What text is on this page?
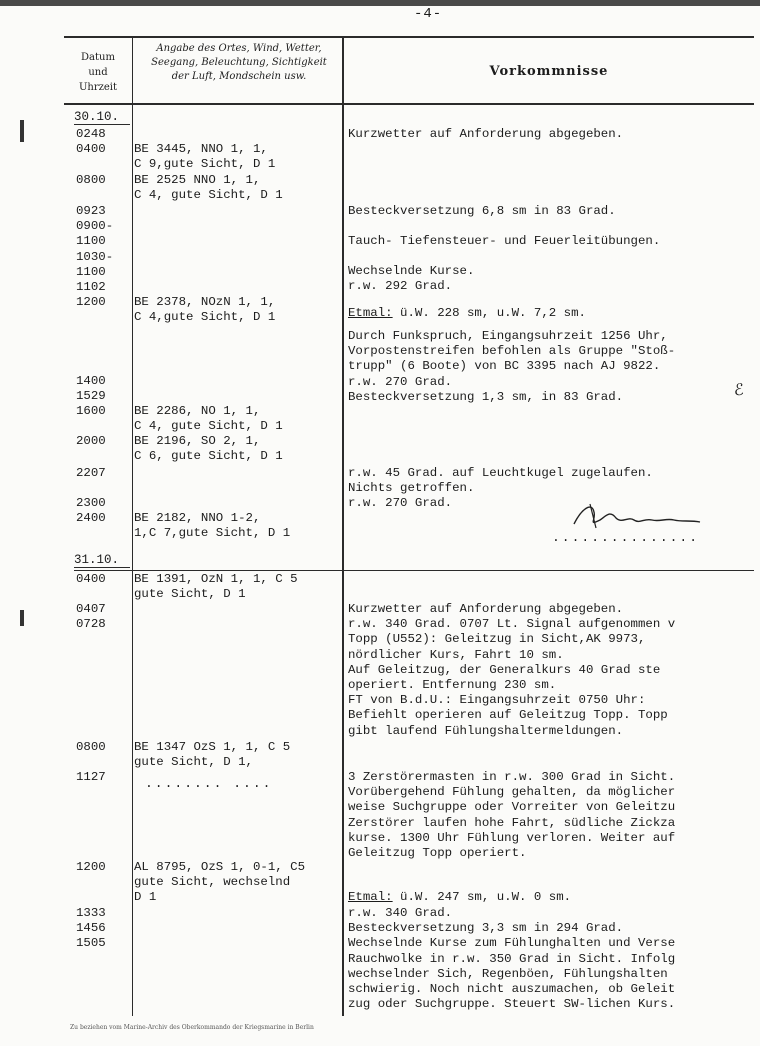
-4-
Datum
und
Uhrzeit
Angabe des Ortes, Wind, Wetter,
Seegang, Beleuchtung, Sichtigkeit
der Luft, Mondschein usw.	Vorkommnisse
30.10.
31.10.
0248
0400
0800
0923
0900-
1100
1030-
1100
1102
1200
1400
1529
1600
2000
2207
2300
2400
0400
0407
0728
0800
1127
1200
1333
1456
1505
BE 3445, NNO 1, 1,
C 9,gute Sicht, D 1
BE 2525 NNO 1, 1,
C 4, gute Sicht, D 1
BE 2378, NOzN 1, 1,
C 4,gute Sicht, D 1
BE 2286, NO 1, 1,
C 4, gute Sicht, D 1
BE 2196, SO 2, 1,
C 6, gute Sicht, D 1
BE 2182, NNO 1-2,
1,C 7,gute Sicht, D 1
BE 1391, OzN 1, 1, C 5
gute Sicht, D 1
BE 1347 OzS 1, 1, C 5
gute Sicht, D 1,
AL 8795, OzS 1, 0-1, C5
gute Sicht, wechselnd
D 1
Kurzwetter auf Anforderung abgegeben.
Besteckversetzung 6,8 sm in 83 Grad.
Tauch- Tiefensteuer- und Feuerleitübungen.
Wechselnde Kurse.
r.w. 292 Grad.
Etmal: ü.W. 228 sm, u.W. 7,2 sm.
Durch Funkspruch, Eingangsuhrzeit 1256 Uhr,
Vorpostenstreifen befohlen als Gruppe "Stoß-
trupp" (6 Boote) von BC 3395 nach AJ 9822.
r.w. 270 Grad.
Besteckversetzung 1,3 sm, in 83 Grad.
r.w. 45 Grad. auf Leuchtkugel zugelaufen.
Nichts getroffen.
r.w. 270 Grad.
Kurzwetter auf Anforderung abgegeben.
r.w. 340 Grad. 0707 Lt. Signal aufgenommen v
Topp (U552): Geleitzug in Sicht,AK 9973,
nördlicher Kurs, Fahrt 10 sm.
Auf Geleitzug, der Generalkurs 40 Grad ste
operiert. Entfernung 230 sm.
FT von B.d.U.: Eingangsuhrzeit 0750 Uhr:
Befiehlt operieren auf Geleitzug Topp. Topp
gibt laufend Fühlungshaltermeldungen.
3 Zerstörermasten in r.w. 300 Grad in Sicht.
Vorübergehend Fühlung gehalten, da möglicher
weise Suchgruppe oder Vorreiter von Geleitzu
Zerstörer laufen hohe Fahrt, südliche Zickza
kurse. 1300 Uhr Fühlung verloren. Weiter auf
Geleitzug Topp operiert.
Etmal: ü.W. 247 sm, u.W. 0 sm.
r.w. 340 Grad.
Besteckversetzung 3,3 sm in 294 Grad.
Wechselnde Kurse zum Fühlunghalten und Verse
Rauchwolke in r.w. 350 Grad in Sicht. Infolg
wechselnder Sich, Regenböen, Fühlungshalten
schwierig. Noch nicht auszumachen, ob Geleit
zug oder Suchgruppe. Steuert SW-lichen Kurs.
...............
........ ....
ℰ
Zu beziehen vom Marine-Archiv des Oberkommando der Kriegsmarine in Berlin
